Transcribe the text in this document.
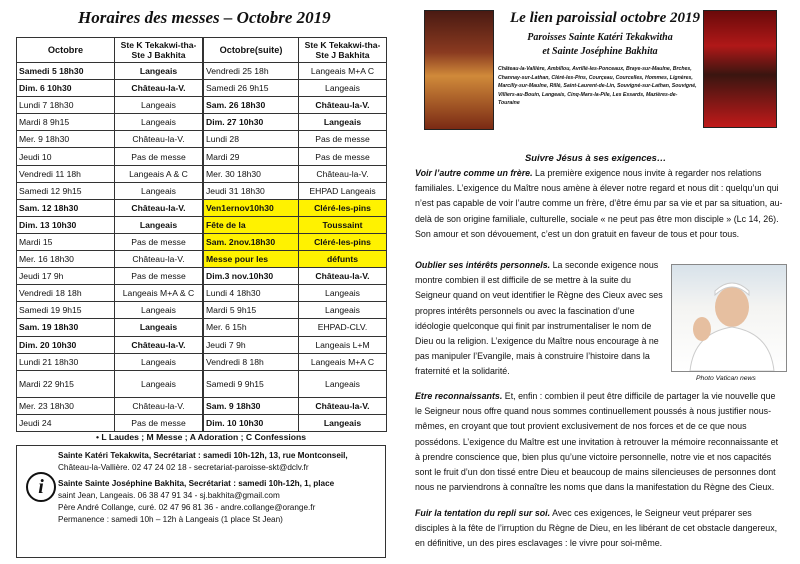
Horaires des messes – Octobre 2019
Octobre	Ste K Tekakwi-tha-Ste J Bakhita
Samedi 5 18h30	Langeais
Dim. 6 10h30	Château-la-V.
Lundi 7 18h30	Langeais
Mardi 8 9h15	Langeais
Mer. 9 18h30	Château-la-V.
Jeudi 10	Pas de messe
Vendredi 11 18h	Langeais A & C
Samedi 12 9h15	Langeais
Sam. 12 18h30	Château-la-V.
Dim. 13 10h30	Langeais
Mardi 15	Pas de messe
Mer. 16 18h30	Château-la-V.
Jeudi 17 9h	Pas de messe
Vendredi 18 18h	Langeais M+A & C
Samedi 19 9h15	Langeais
Sam. 19 18h30	Langeais
Dim. 20 10h30	Château-la-V.
Lundi 21 18h30	Langeais
Mardi 22 9h15	Langeais
Mer. 23 18h30	Château-la-V.
Jeudi 24	Pas de messe
Octobre(suite)	Ste K Tekakwi-tha-Ste J Bakhita
Vendredi 25 18h	Langeais M+A C
Samedi 26 9h15	Langeais
Sam. 26 18h30	Château-la-V.
Dim. 27 10h30	Langeais
Lundi 28	Pas de messe
Mardi 29	Pas de messe
Mer. 30 18h30	Château-la-V.
Jeudi 31 18h30	EHPAD Langeais
Ven1ernov10h30	Cléré-les-pins
Fête de la	Toussaint
Sam. 2nov.18h30	Cléré-les-pins
Messe pour les	défunts
Dim.3 nov.10h30	Château-la-V.
Lundi 4 18h30	Langeais
Mardi 5 9h15	Langeais
Mer. 6 15h	EHPAD-CLV.
Jeudi 7 9h	Langeais L+M
Vendredi 8 18h	Langeais M+A C
Samedi 9 9h15	Langeais
Sam. 9 18h30	Château-la-V.
Dim. 10 10h30	Langeais
• L Laudes ; M Messe ; A Adoration ; C Confessions
i
Sainte Katéri Tekakwita, Secrétariat : samedi 10h-12h, 13, rue Montconseil,
Château-la-Vallière. 02 47 24 02 18 - secretariat-paroisse-skt@dclv.fr
Sainte Sainte Joséphine Bakhita, Secrétariat : samedi 10h-12h, 1, place
saint Jean, Langeais. 06 38 47 91 34 - sj.bakhita@gmail.com
Père André Collange, curé. 02 47 96 81 36 - andre.collange@orange.fr
Permanence : samedi 10h – 12h à Langeais (1 place St Jean)
Le lien paroissial octobre 2019
Paroisses Sainte Katéri Tekakwitha
et Sainte Joséphine Bakhita
Château-la-Vallière, Ambillou, Avrillé-les-Ponceaux, Braye-sur-Maulne, Brches, Channay-sur-Lathan, Cléré-les-Pins, Courçeau, Courcelles, Hommes, Lignères, Marcilly-sur-Maulne, Rillé, Saint-Laurent-de-Lin, Souvigné-sur-Lathan, Souvigné, Villiers-au-Bouin, Langeais, Cinq-Mars-la-Pile, Les Essards, Mazières-de-Touraine
Suivre Jésus à ses exigences…
Voir l’autre comme un frère. La première exigence nous invite à regarder nos relations familiales. L’exigence du Maître nous amène à élever notre regard et nous dit : quelqu’un qui n’est pas capable de voir l’autre comme un frère, d’être ému par sa vie et par sa situation, au-delà de son origine familiale, culturelle, sociale « ne peut pas être mon disciple » (Lc 14, 26). Son amour et son dévouement, c’est un don gratuit en faveur de tous et pour tous.
Oublier ses intérêts personnels. La seconde exigence nous montre combien il est difficile de se mettre à la suite du Seigneur quand on veut identifier le Règne des Cieux avec ses propres intérêts personnels ou avec la fascination d’une idéologie quelconque qui finit par instrumentaliser le nom de Dieu ou la religion. L’exigence du Maître nous encourage à ne pas manipuler l’Evangile, mais à construire l’histoire dans la fraternité et la solidarité.
Photo Vatican news
Etre reconnaissants. Et, enfin : combien il peut être difficile de partager la vie nouvelle que le Seigneur nous offre quand nous sommes continuellement poussés à nous justifier nous-mêmes, en croyant que tout provient exclusivement de nos forces et de ce que nous possédons. L’exigence du Maître est une invitation à retrouver la mémoire reconnaissante et à prendre conscience que, bien plus qu’une victoire personnelle, notre vie et nos capacités sont le fruit d’un don tissé entre Dieu et beaucoup de mains silencieuses de personnes dont nous ne parviendrons à connaître les noms que dans la manifestation du Règne des Cieux.
Fuir la tentation du repli sur soi. Avec ces exigences, le Seigneur veut préparer ses disciples à la fête de l’irruption du Règne de Dieu, en les libérant de cet obstacle dangereux, en définitive, un des pires esclavages : le vivre pour soi-même.
